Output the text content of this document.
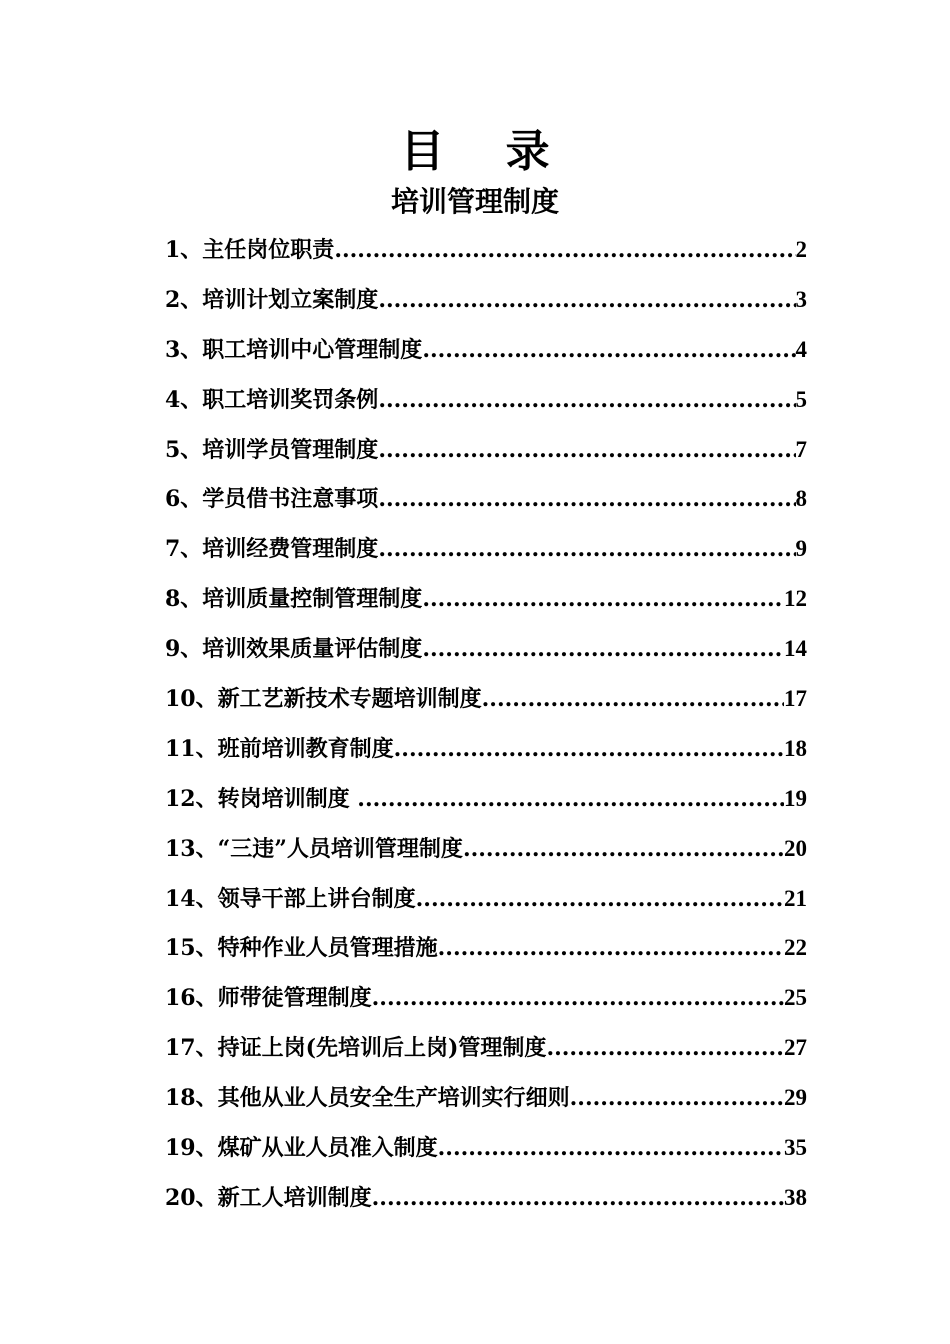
目    录
培训管理制度
1、主任岗位职责 .....	2
2、培训计划立案制度 .....	3
3、职工培训中心管理制度 .....	4
4、职工培训奖罚条例 .....	5
5、培训学员管理制度 .....	7
6、学员借书注意事项 .....	8
7、培训经费管理制度 .....	9
8、培训质量控制管理制度 .....	12
9、培训效果质量评估制度 .....	14
10、新工艺新技术专题培训制度 .....	17
11、班前培训教育制度 .....	18
12、转岗培训制度 .....	19
13、“三违”人员培训管理制度 .....	20
14、领导干部上讲台制度 .....	21
15、特种作业人员管理措施 .....	22
16、师带徒管理制度 .....	25
17、持证上岗(先培训后上岗)管理制度 .....	27
18、其他从业人员安全生产培训实行细则 .....	29
19、煤矿从业人员准入制度 .....	35
20、新工人培训制度 .....	38
